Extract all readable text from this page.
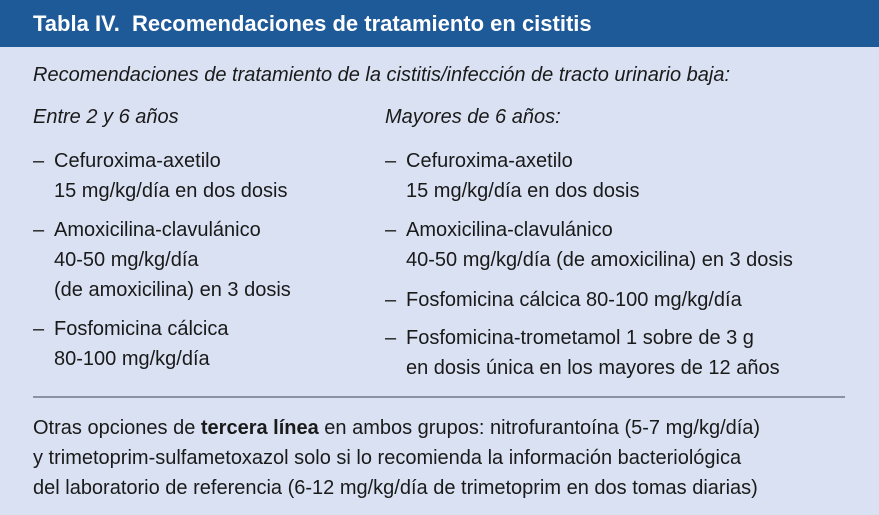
Tabla IV. Recomendaciones de tratamiento en cistitis
Recomendaciones de tratamiento de la cistitis/infección de tracto urinario baja:
Entre 2 y 6 años	Mayores de 6 años:
– Cefuroxima-axetilo
15 mg/kg/día en dos dosis
– Amoxicilina-clavulánico
40-50 mg/kg/día
(de amoxicilina) en 3 dosis
– Fosfomicina cálcica
80-100 mg/kg/día
– Cefuroxima-axetilo
15 mg/kg/día en dos dosis
– Amoxicilina-clavulánico
40-50 mg/kg/día (de amoxicilina) en 3 dosis
– Fosfomicina cálcica 80-100 mg/kg/día
– Fosfomicina-trometamol 1 sobre de 3 g
en dosis única en los mayores de 12 años

Otras opciones de tercera línea en ambos grupos: nitrofurantoína (5-7 mg/kg/día)

y trimetoprim-sulfametoxazol solo si lo recomienda la información bacteriológica

del laboratorio de referencia (6-12 mg/kg/día de trimetoprim en dos tomas diarias)
